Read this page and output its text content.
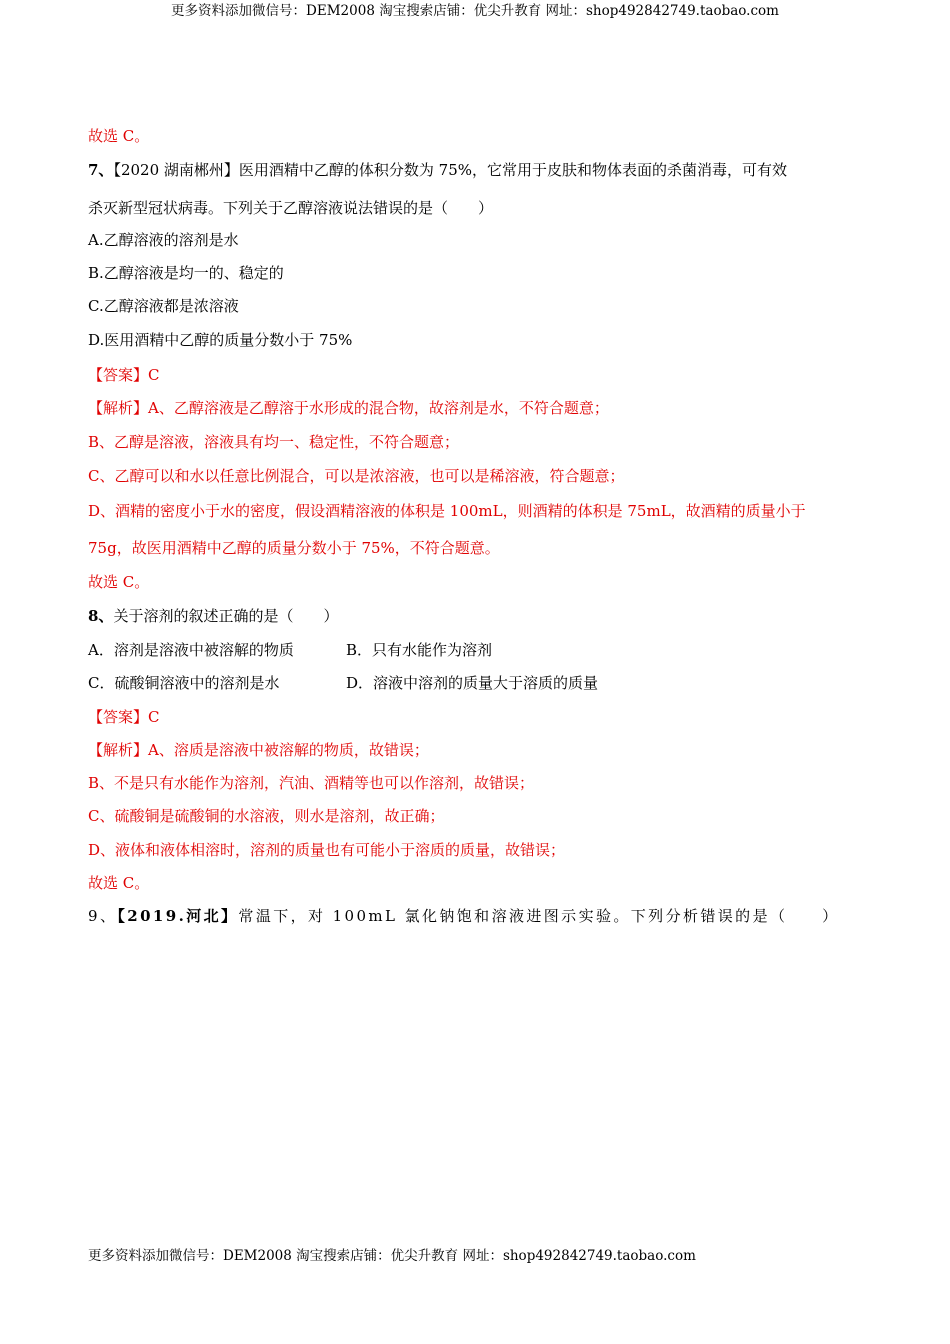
更多资料添加微信号：DEM2008 淘宝搜索店铺：优尖升教育 网址：shop492842749.taobao.com
故选 C。
7、【2020 湖南郴州】医用酒精中乙醇的体积分数为 75%，它常用于皮肤和物体表面的杀菌消毒，可有效
杀灭新型冠状病毒。下列关于乙醇溶液说法错误的是（　　）
A.乙醇溶液的溶剂是水
B.乙醇溶液是均一的、稳定的
C.乙醇溶液都是浓溶液
D.医用酒精中乙醇的质量分数小于 75%
【答案】C
【解析】A、乙醇溶液是乙醇溶于水形成的混合物，故溶剂是水，不符合题意；
B、乙醇是溶液，溶液具有均一、稳定性，不符合题意；
C、乙醇可以和水以任意比例混合，可以是浓溶液，也可以是稀溶液，符合题意；
D、酒精的密度小于水的密度，假设酒精溶液的体积是 100mL，则酒精的体积是 75mL，故酒精的质量小于
75g，故医用酒精中乙醇的质量分数小于 75%，不符合题意。
故选 C。
8、关于溶剂的叙述正确的是（　　）
A．溶剂是溶液中被溶解的物质	B．只有水能作为溶剂
C．硫酸铜溶液中的溶剂是水	D．溶液中溶剂的质量大于溶质的质量
【答案】C
【解析】A、溶质是溶液中被溶解的物质，故错误；
B、不是只有水能作为溶剂，汽油、酒精等也可以作溶剂，故错误；
C、硫酸铜是硫酸铜的水溶液，则水是溶剂，故正确；
D、液体和液体相溶时，溶剂的质量也有可能小于溶质的质量，故错误；
故选 C。
9、【2019.河北】常温下，对 100mL 氯化钠饱和溶液进图示实验。下列分析错误的是（　　）
更多资料添加微信号：DEM2008 淘宝搜索店铺：优尖升教育 网址：shop492842749.taobao.com
